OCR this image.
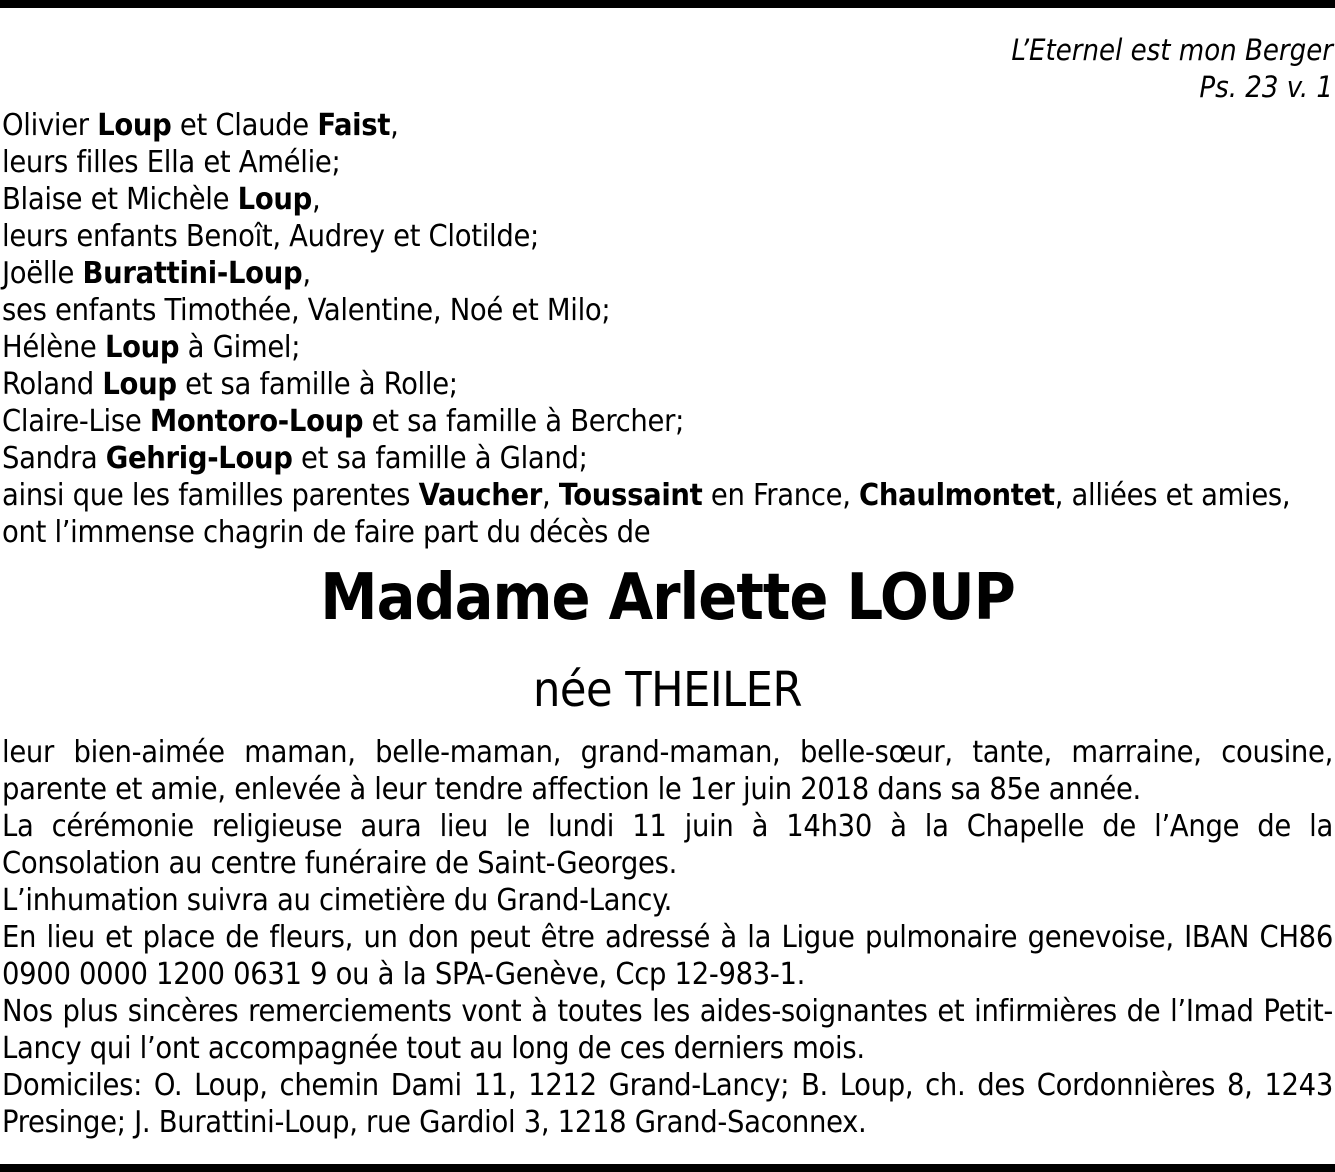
L’Eternel est mon Berger
Ps. 23 v. 1
Olivier Loup et Claude Faist,
leurs filles Ella et Amélie;
Blaise et Michèle Loup,
leurs enfants Benoît, Audrey et Clotilde;
Joëlle Burattini-Loup,
ses enfants Timothée, Valentine, Noé et Milo;
Hélène Loup à Gimel;
Roland Loup et sa famille à Rolle;
Claire-Lise Montoro-Loup et sa famille à Bercher;
Sandra Gehrig-Loup et sa famille à Gland;
ainsi que les familles parentes Vaucher, Toussaint en France, Chaulmontet, alliées et amies,
ont l’immense chagrin de faire part du décès de
Madame Arlette LOUP
née THEILER

leur bien-aimée maman, belle-maman, grand-maman, belle-sœur, tante, marraine, cousine, parente et amie, enlevée à leur tendre affection le 1er juin 2018 dans sa 85e année.

La cérémonie religieuse aura lieu le lundi 11 juin à 14h30 à la Chapelle de l’Ange de la Consolation au centre funéraire de Saint-Georges.

L’inhumation suivra au cimetière du Grand-Lancy.

En lieu et place de fleurs, un don peut être adressé à la Ligue pulmonaire genevoise, IBAN CH86 0900 0000 1200 0631 9 ou à la SPA-Genève, Ccp 12-983-1.

Nos plus sincères remerciements vont à toutes les aides-soignantes et infirmières de l’Imad Petit-Lancy qui l’ont accompagnée tout au long de ces derniers mois.

Domiciles: O. Loup, chemin Dami 11, 1212 Grand-Lancy; B. Loup, ch. des Cordonnières 8, 1243 Presinge; J. Burattini-Loup, rue Gardiol 3, 1218 Grand-Saconnex.
